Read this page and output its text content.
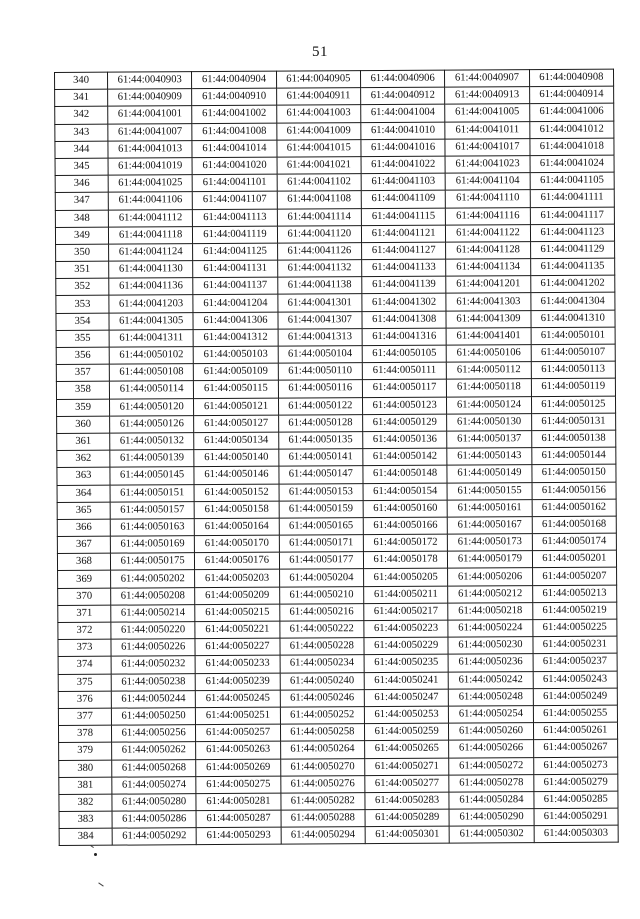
51
340	61:44:0040903	61:44:0040904	61:44:0040905	61:44:0040906	61:44:0040907	61:44:0040908
341	61:44:0040909	61:44:0040910	61:44:0040911	61:44:0040912	61:44:0040913	61:44:0040914
342	61:44:0041001	61:44:0041002	61:44:0041003	61:44:0041004	61:44:0041005	61:44:0041006
343	61:44:0041007	61:44:0041008	61:44:0041009	61:44:0041010	61:44:0041011	61:44:0041012
344	61:44:0041013	61:44:0041014	61:44:0041015	61:44:0041016	61:44:0041017	61:44:0041018
345	61:44:0041019	61:44:0041020	61:44:0041021	61:44:0041022	61:44:0041023	61:44:0041024
346	61:44:0041025	61:44:0041101	61:44:0041102	61:44:0041103	61:44:0041104	61:44:0041105
347	61:44:0041106	61:44:0041107	61:44:0041108	61:44:0041109	61:44:0041110	61:44:0041111
348	61:44:0041112	61:44:0041113	61:44:0041114	61:44:0041115	61:44:0041116	61:44:0041117
349	61:44:0041118	61:44:0041119	61:44:0041120	61:44:0041121	61:44:0041122	61:44:0041123
350	61:44:0041124	61:44:0041125	61:44:0041126	61:44:0041127	61:44:0041128	61:44:0041129
351	61:44:0041130	61:44:0041131	61:44:0041132	61:44:0041133	61:44:0041134	61:44:0041135
352	61:44:0041136	61:44:0041137	61:44:0041138	61:44:0041139	61:44:0041201	61:44:0041202
353	61:44:0041203	61:44:0041204	61:44:0041301	61:44:0041302	61:44:0041303	61:44:0041304
354	61:44:0041305	61:44:0041306	61:44:0041307	61:44:0041308	61:44:0041309	61:44:0041310
355	61:44:0041311	61:44:0041312	61:44:0041313	61:44:0041316	61:44:0041401	61:44:0050101
356	61:44:0050102	61:44:0050103	61:44:0050104	61:44:0050105	61:44:0050106	61:44:0050107
357	61:44:0050108	61:44:0050109	61:44:0050110	61:44:0050111	61:44:0050112	61:44:0050113
358	61:44:0050114	61:44:0050115	61:44:0050116	61:44:0050117	61:44:0050118	61:44:0050119
359	61:44:0050120	61:44:0050121	61:44:0050122	61:44:0050123	61:44:0050124	61:44:0050125
360	61:44:0050126	61:44:0050127	61:44:0050128	61:44:0050129	61:44:0050130	61:44:0050131
361	61:44:0050132	61:44:0050134	61:44:0050135	61:44:0050136	61:44:0050137	61:44:0050138
362	61:44:0050139	61:44:0050140	61:44:0050141	61:44:0050142	61:44:0050143	61:44:0050144
363	61:44:0050145	61:44:0050146	61:44:0050147	61:44:0050148	61:44:0050149	61:44:0050150
364	61:44:0050151	61:44:0050152	61:44:0050153	61:44:0050154	61:44:0050155	61:44:0050156
365	61:44:0050157	61:44:0050158	61:44:0050159	61:44:0050160	61:44:0050161	61:44:0050162
366	61:44:0050163	61:44:0050164	61:44:0050165	61:44:0050166	61:44:0050167	61:44:0050168
367	61:44:0050169	61:44:0050170	61:44:0050171	61:44:0050172	61:44:0050173	61:44:0050174
368	61:44:0050175	61:44:0050176	61:44:0050177	61:44:0050178	61:44:0050179	61:44:0050201
369	61:44:0050202	61:44:0050203	61:44:0050204	61:44:0050205	61:44:0050206	61:44:0050207
370	61:44:0050208	61:44:0050209	61:44:0050210	61:44:0050211	61:44:0050212	61:44:0050213
371	61:44:0050214	61:44:0050215	61:44:0050216	61:44:0050217	61:44:0050218	61:44:0050219
372	61:44:0050220	61:44:0050221	61:44:0050222	61:44:0050223	61:44:0050224	61:44:0050225
373	61:44:0050226	61:44:0050227	61:44:0050228	61:44:0050229	61:44:0050230	61:44:0050231
374	61:44:0050232	61:44:0050233	61:44:0050234	61:44:0050235	61:44:0050236	61:44:0050237
375	61:44:0050238	61:44:0050239	61:44:0050240	61:44:0050241	61:44:0050242	61:44:0050243
376	61:44:0050244	61:44:0050245	61:44:0050246	61:44:0050247	61:44:0050248	61:44:0050249
377	61:44:0050250	61:44:0050251	61:44:0050252	61:44:0050253	61:44:0050254	61:44:0050255
378	61:44:0050256	61:44:0050257	61:44:0050258	61:44:0050259	61:44:0050260	61:44:0050261
379	61:44:0050262	61:44:0050263	61:44:0050264	61:44:0050265	61:44:0050266	61:44:0050267
380	61:44:0050268	61:44:0050269	61:44:0050270	61:44:0050271	61:44:0050272	61:44:0050273
381	61:44:0050274	61:44:0050275	61:44:0050276	61:44:0050277	61:44:0050278	61:44:0050279
382	61:44:0050280	61:44:0050281	61:44:0050282	61:44:0050283	61:44:0050284	61:44:0050285
383	61:44:0050286	61:44:0050287	61:44:0050288	61:44:0050289	61:44:0050290	61:44:0050291
384	61:44:0050292	61:44:0050293	61:44:0050294	61:44:0050301	61:44:0050302	61:44:0050303
